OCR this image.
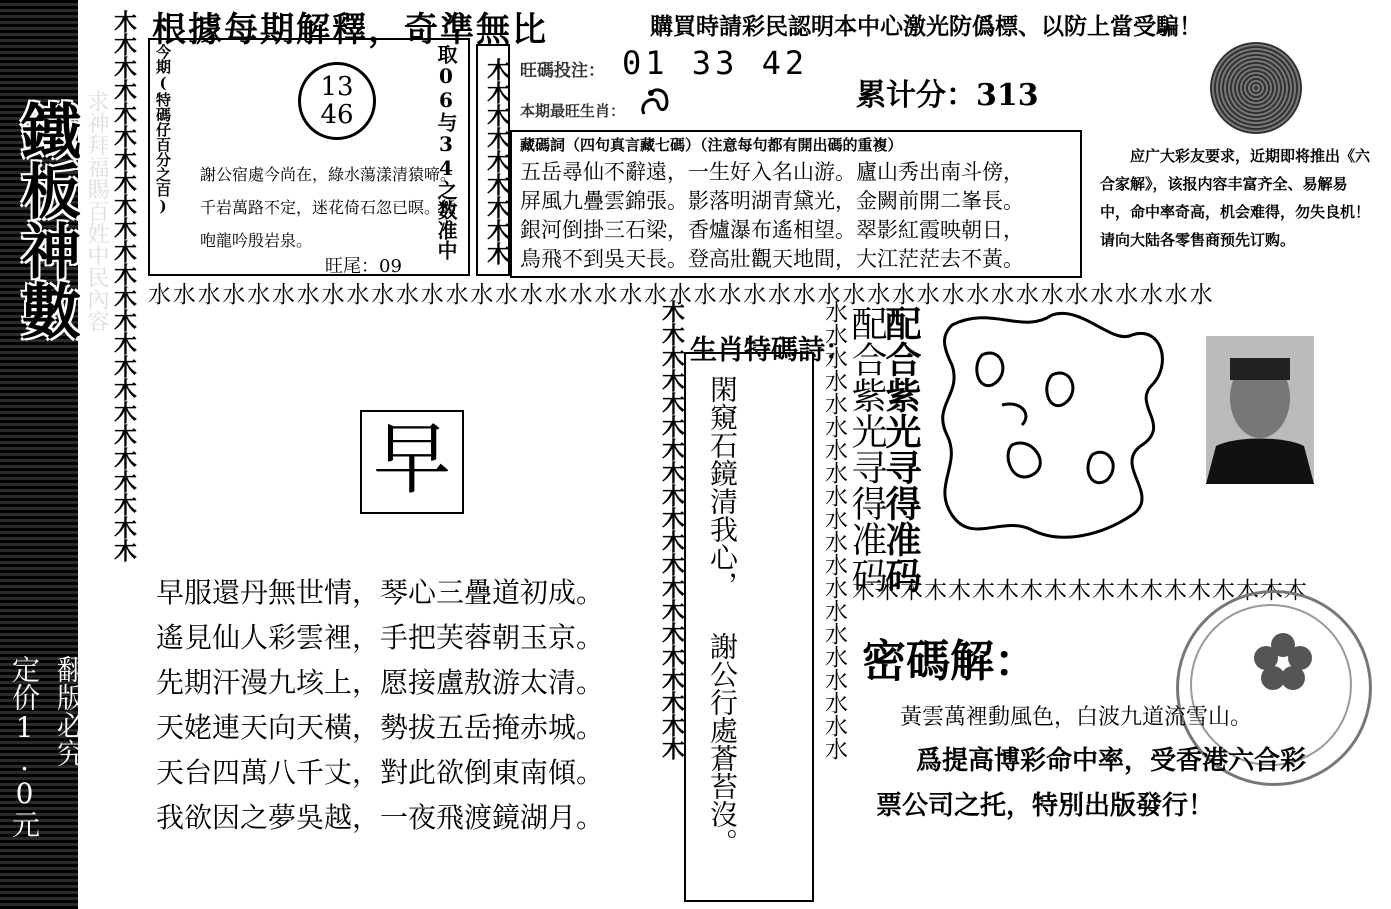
鐵板神數 求神拜福賜百姓中民內容
定价1.0元 翻版必究
木木木木木木木木木木木木木木木木木木木木木木木木 根據每期解釋，奇準無比	購買時請彩民認明本中心激光防僞標、以防上當受騙！
今期(特碼仔百分之百)	13
46
謝公宿處今尚在，綠水蕩漾清猿啼。千岩萬路不定，迷花倚石忽已暝。熊咆龍吟殷岩泉。
旺尾：09
取06与34之数准中	木木木木木木木木木 旺碼投注： 01 33 42
本期最旺生肖：	累计分：313
藏碼詞（四句真言藏七碼）（注意每句都有開出碼的重複）
五岳尋仙不辭遠，一生好入名山游。廬山秀出南斗傍，
屏風九疊雲錦張。影落明湖青黛光，金闕前開二峯長。
銀河倒掛三石梁，香爐瀑布遙相望。翠影紅霞映朝日，
鳥飛不到吳天長。登高壯觀天地間，大江茫茫去不黃。
应广大彩友要求，近期即将推出《六合家解》，该报内容丰富齐全、易解易中，命中率奇高，机会难得，勿失良机！请向大陆各零售商预先订购。
水水水水水水水水水水水水水水水水水水水水水水水水水水水水水水水水水水水水水水水水水水水
早
早服還丹無世情，琴心三疊道初成。
遙見仙人彩雲裡，手把芙蓉朝玉京。
先期汗漫九垓上，愿接盧敖游太清。
天姥連天向天橫，勢拔五岳掩赤城。
天台四萬八千丈，對此欲倒東南傾。
我欲因之夢吳越，一夜飛渡鏡湖月。
木木木木木木木木木木木木木木木木木木木木 生肖特碼詩：
閑窺石鏡清我心， 謝公行處蒼苔沒。	水水水水水水水水水水水水水水水水水水水水 配合紫光寻得准码
配合紫光寻得准码
木木木木木木木木木木木木木木木木木木木
密碼解：
黃雲萬裡動風色，白波九道流雪山。
爲提高博彩命中率，受香港六合彩
票公司之托，特別出版發行！
